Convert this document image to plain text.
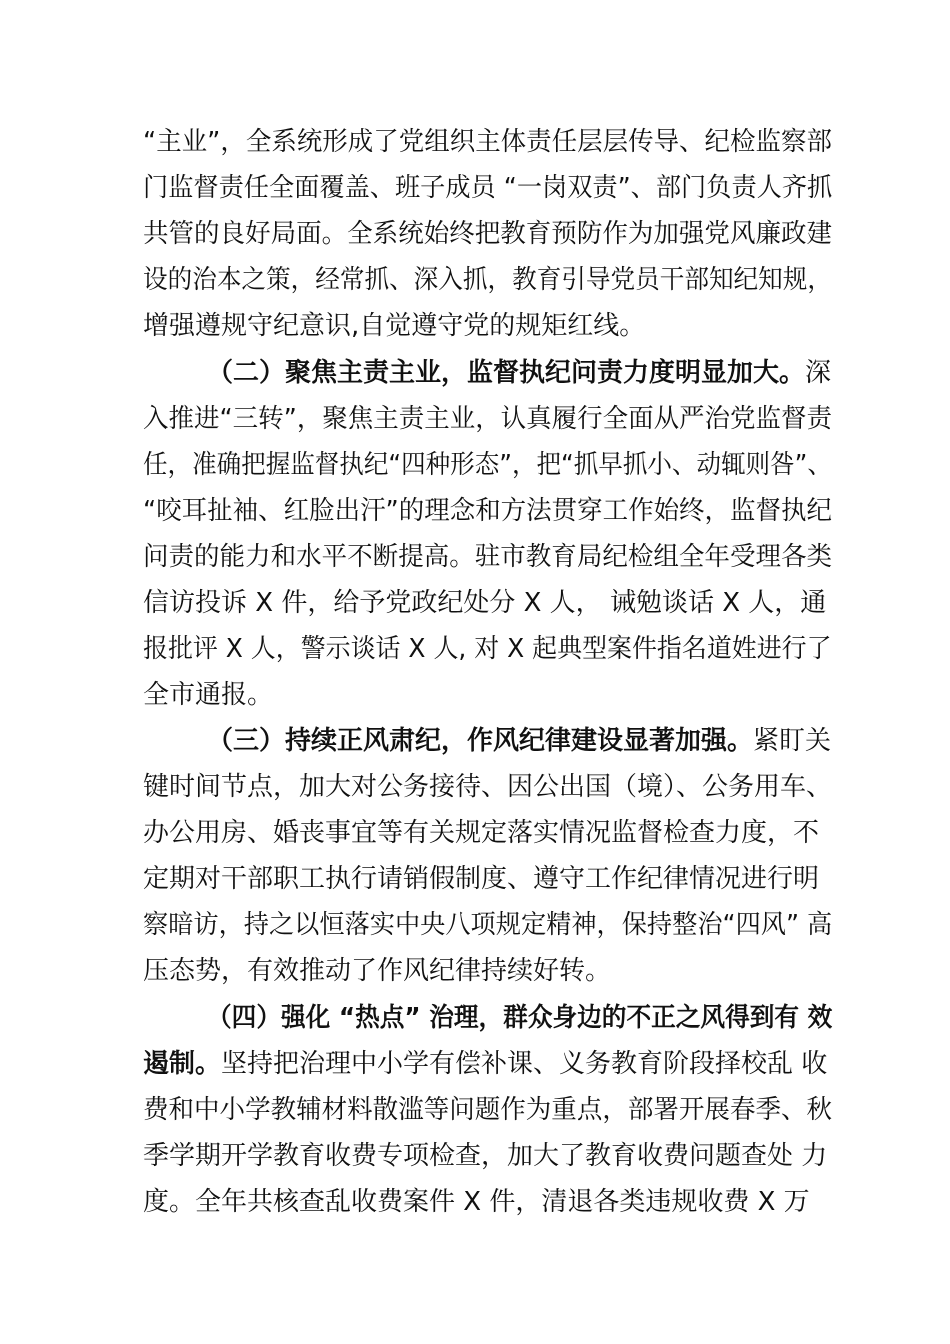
“主业”，全系统形成了党组织主体责任层层传导、纪检监察部
门监督责任全面覆盖、班子成员 “一岗双责”、部门负责人齐抓
共管的良好局面。全系统始终把教育预防作为加强党风廉政建
设的治本之策，经常抓、深入抓，教育引导党员干部知纪知规，
增强遵规守纪意识,自觉遵守党的规矩红线。
（二）聚焦主责主业，监督执纪问责力度明显加大。深
入推进“三转”，聚焦主责主业，认真履行全面从严治党监督责
任，准确把握监督执纪“四种形态”，把“抓早抓小、动辄则咎”、
“咬耳扯袖、红脸出汗”的理念和方法贯穿工作始终，监督执纪
问责的能力和水平不断提高。驻市教育局纪检组全年受理各类
信访投诉 X 件，给予党政纪处分 X 人， 诫勉谈话 X 人，通
报批评 X 人，警示谈话 X 人, 对 X 起典型案件指名道姓进行了
全市通报。
（三）持续正风肃纪，作风纪律建设显著加强。紧盯关
键时间节点，加大对公务接待、因公出国（境）、公务用车、
办公用房、婚丧事宜等有关规定落实情况监督检查力度，不
定期对干部职工执行请销假制度、遵守工作纪律情况进行明
察暗访，持之以恒落实中央八项规定精神，保持整治“四风” 高
压态势，有效推动了作风纪律持续好转。
（四）强化 “热点” 治理，群众身边的不正之风得到有 效
遏制。坚持把治理中小学有偿补课、义务教育阶段择校乱 收
费和中小学教辅材料散滥等问题作为重点，部署开展春季、秋
季学期开学教育收费专项检查，加大了教育收费问题查处 力
度。全年共核查乱收费案件 X 件，清退各类违规收费 X 万
